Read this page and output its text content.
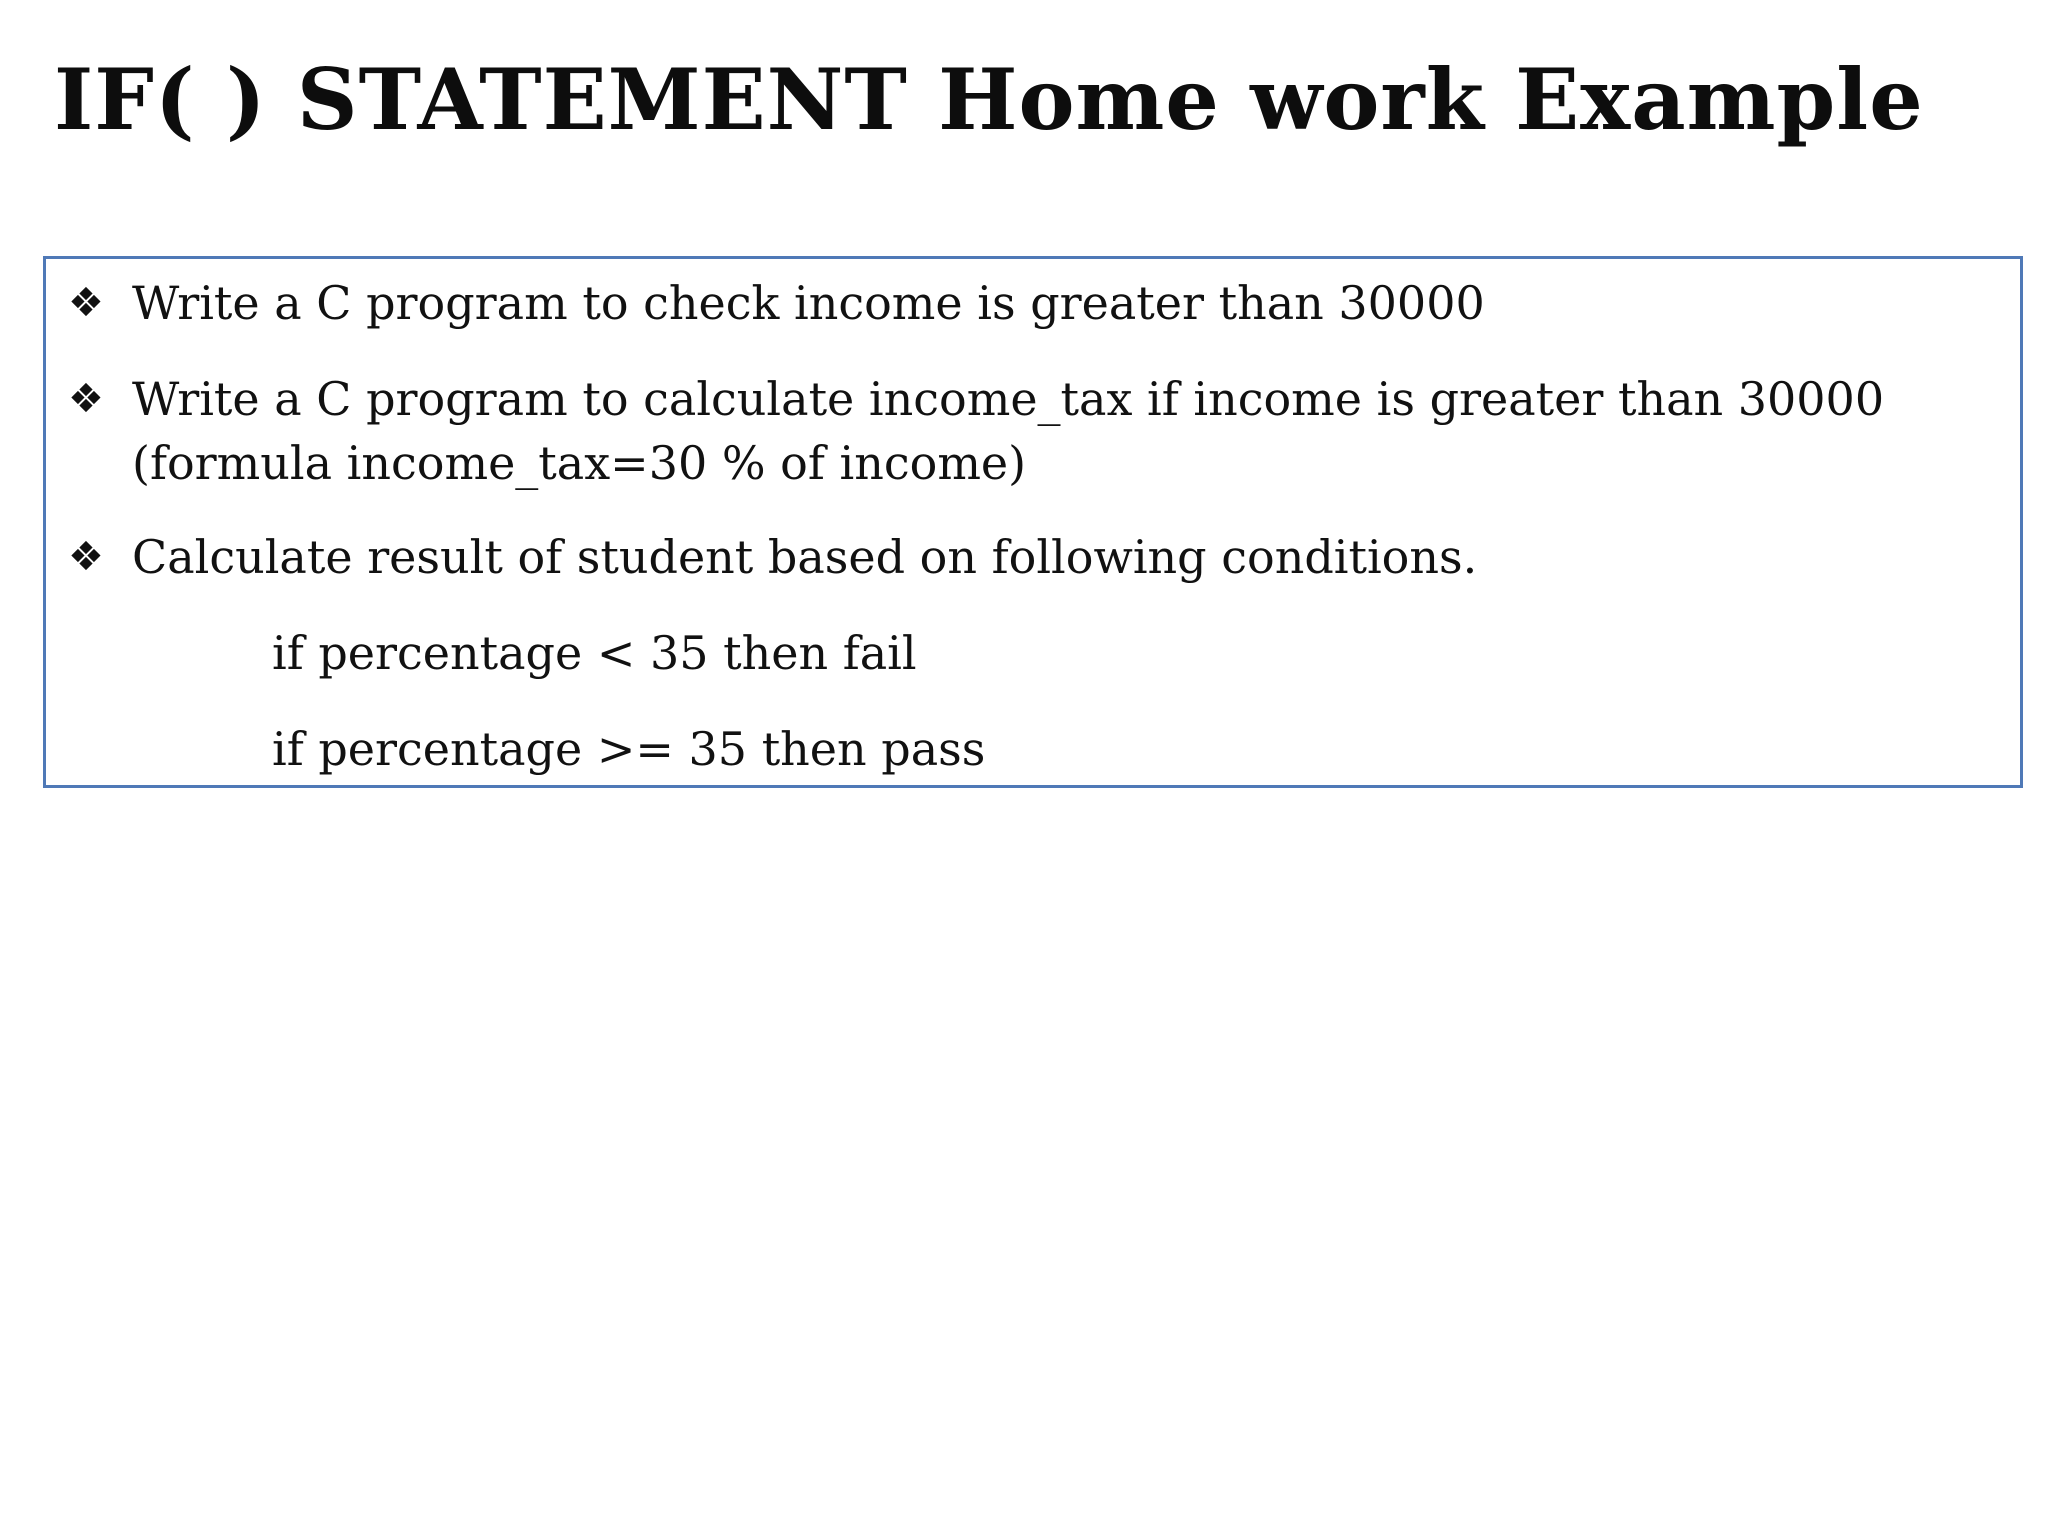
IF( ) STATEMENT Home work Example
❖ Write a C program to check income is greater than 30000
❖ Write a C program to calculate income_tax if income is greater than 30000
(formula income_tax=30 % of income)
❖ Calculate result of student based on following conditions.
if percentage < 35 then fail
if percentage >= 35 then pass
